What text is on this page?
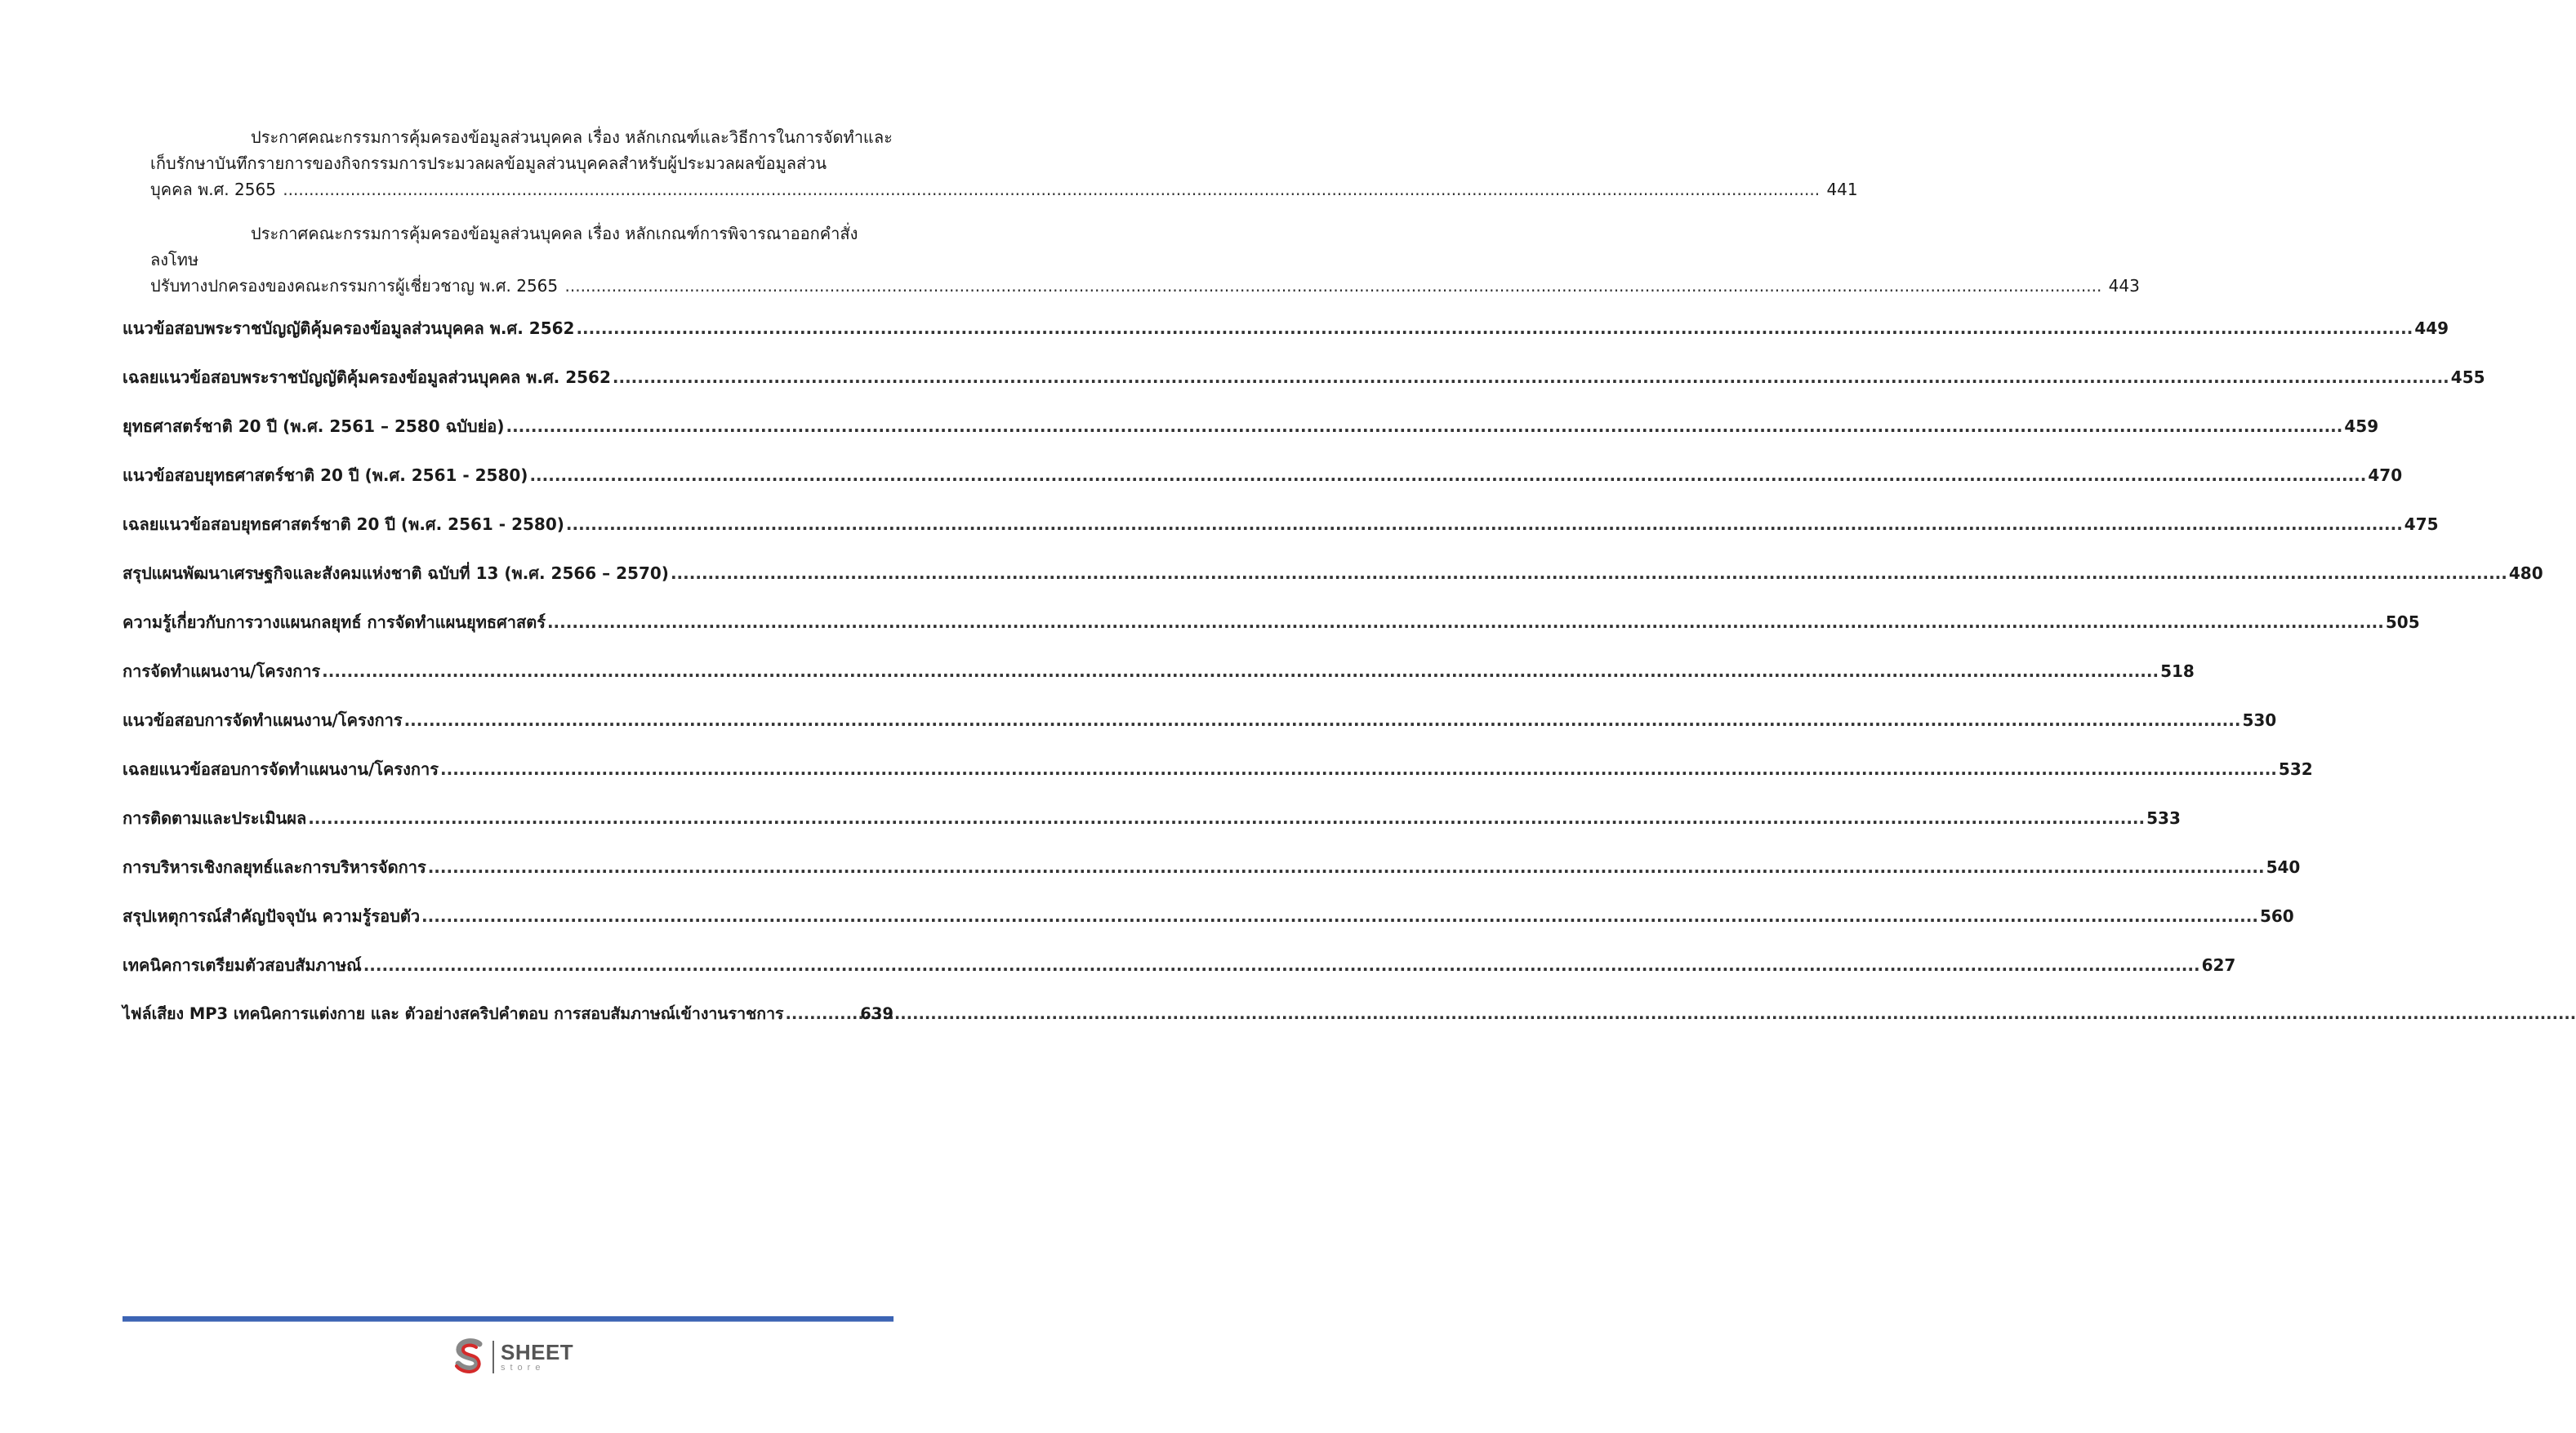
ประกาศคณะกรรมการคุ้มครองข้อมูลส่วนบุคคล เรื่อง หลักเกณฑ์และวิธีการในการจัดทำและ
เก็บรักษาบันทึกรายการของกิจกรรมการประมวลผลข้อมูลส่วนบุคคลสำหรับผู้ประมวลผลข้อมูลส่วน
บุคคล พ.ศ. 2565 .....	441
ประกาศคณะกรรมการคุ้มครองข้อมูลส่วนบุคคล เรื่อง หลักเกณฑ์การพิจารณาออกคำสั่งลงโทษ
ปรับทางปกครองของคณะกรรมการผู้เชี่ยวชาญ พ.ศ. 2565 .....	443
แนวข้อสอบพระราชบัญญัติคุ้มครองข้อมูลส่วนบุคคล พ.ศ. 2562 .....	449
เฉลยแนวข้อสอบพระราชบัญญัติคุ้มครองข้อมูลส่วนบุคคล พ.ศ. 2562 .....	455
ยุทธศาสตร์ชาติ 20 ปี (พ.ศ. 2561 – 2580 ฉบับย่อ) .....	459
แนวข้อสอบยุทธศาสตร์ชาติ 20 ปี (พ.ศ. 2561 - 2580) .....	470
เฉลยแนวข้อสอบยุทธศาสตร์ชาติ 20 ปี (พ.ศ. 2561 - 2580) .....	475
สรุปแผนพัฒนาเศรษฐกิจและสังคมแห่งชาติ ฉบับที่ 13 (พ.ศ. 2566 – 2570) .....	480
ความรู้เกี่ยวกับการวางแผนกลยุทธ์ การจัดทำแผนยุทธศาสตร์ .....	505
การจัดทำแผนงาน/โครงการ .....	518
แนวข้อสอบการจัดทำแผนงาน/โครงการ .....	530
เฉลยแนวข้อสอบการจัดทำแผนงาน/โครงการ .....	532
การติดตามและประเมินผล .....	533
การบริหารเชิงกลยุทธ์และการบริหารจัดการ .....	540
สรุปเหตุการณ์สำคัญปัจจุบัน ความรู้รอบตัว .....	560
เทคนิคการเตรียมตัวสอบสัมภาษณ์ .....	627
ไฟล์เสียง MP3 เทคนิคการแต่งกาย และ ตัวอย่างสคริปคำตอบ การสอบสัมภาษณ์เข้างานราชการ .....	639
SHEET
store
